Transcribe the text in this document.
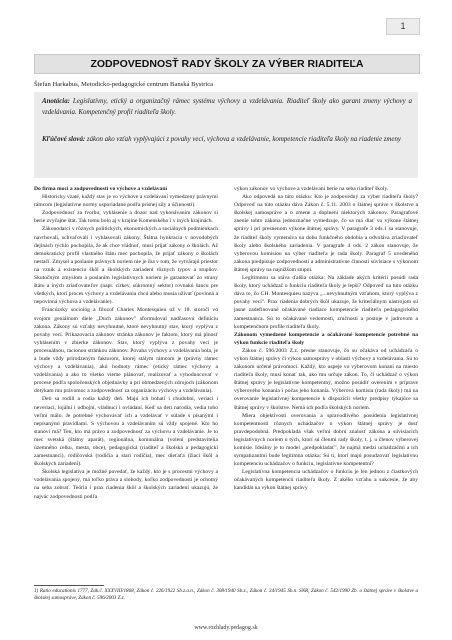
1
ZODPOVEDNOSŤ RADY ŠKOLY ZA VÝBER RIADITEĽA
Štefan Harkabus, Metodicko-pedagogické centrum Banská Bystrica
Anotácia: Legislatívny, etický a organizačný rámec systému výchovy a vzdelávania. Riaditeľ školy ako garant zmeny výchovy a vzdelávania. Kompetenčný profil riaditeľa školy.
Kľúčové slová: zákon ako vzťah vyplývajúci z povahy vecí, výchova a vzdelávanie, kompetencie riaditeľa školy na riadenie zmeny
Do firma moci a zodpovednosti vo výchove a vzdelávaní

Historicky vzaté, každý stav je vo výchove a vzdelávaní vymedzený právnymi rámcom (legislatívne normy usporiadané podľa prísnej sily a účinnosti).

Zodpovednosť za tvorbu, vyhlásenie a dozor nad vykonávaním zákonov si berie zvyčajne štát. Tak tomu bolo aj v krajine Komenského i v iných krajinách.

Zákonodarci v rôznych politických, ekonomických a sociálnych podmienkach navrhovali, schvaľovali i vyhlasovali zákony. Štátna hynkracia v novodobých dejinách rýchlo pochopila, že ak chce vládnuť, musí prijať zákony o školách. Až demokratický profil vlastného štátu mec pochopila, že prijať zákony o školách nestačí. Zmysel a poslanie právnych noriem nie je iba v tom, že vytvárajú priestor na vznik a existenciu škôl a školských zariadení rôznych typov a stupňov. Skutočným zmyslom a poslaním legislatívnych noriem je garantovať zo strany štátu a iných zriaďovateľov (napr. cirkev, súkromný sektor) rovnakú šancu pre všetkých, ktorí proces výchovy a vzdelávania chcú alebo musia užívať (povinná a nepovinná výchova a vzdelávanie).

Francúzsky sociológ a filozof Charles Montesquieu už v 18. storočí vo svojom geniálnom diele „Duch zákonov" sformuloval nadčasovú definíciu zákona. Zákony sú vzťahy nevyhnutné, ktoré nevyhnutný stav, ktorý vyplýva z povahy vecí. Prikazovacia zákonov stránka zákonov je faktom, ktorý má plnosť vyhlásením v zbierke zákonov. Stav, ktorý vyplýva z povahy veci je procesuálnou, racionou stránkou zákonov. Povaha výchovy a vzdelávania bola, je a bude vždy prirodzeným faktorom, ktorej stálym rámcom je (právny rámec výchovy a vzdelávania), akú hodnoty rámec (etický rámec výchovy a vzdelávania) a ako to všetko vieme plánovať, realizovať a vyhodnocovať v procese podľa spoločenských objednávky a pri obmedzených zdrojoch (zákonom dotýkam mu právomoc a zodpovednosť za organizáciu výchovy a vzdelávania).

Deti sa rodili a rodia každý deň. Majú ich bohatí i chudobní, veriaci i neveriaci, lojální i odbojní, vládnuci i ovládaní. Keď sa deti narodia, vedia toho veľmi málo. Je potrebné vychovávať ich a vzdelávať v súlade s písanými i nepísanými pravidlami. S výchovou a vzdelávaním sú vždy spojené. Kto ho stanoví má? Ten, kto má právo a zodpovednosť za výchovu a vzdelávanie. Je to mec svetská (štátny aparát), regionálna, komunálna (volení predstavitelia územného celku, mesta, obce), pedagogická (riaditeľ a školská a pedagogickí zamestnanci), rodičovská (rodičia a stari rodičia), mec dieťaťa (žiaci škôl a školských zariadení).

Školská legislatíva je možné povedať, že každý, kto je s procesmi výchovy a vzdelávania spojený, má toľko práva a slobody, koľko zodpovednosti je ochotný na seba zobrať. Teória i prax riadenia škôl a školských zariadení ukazujú, že najvác zodpovednosti podľa

výkon zákonov vo výchove a vzdelávaní berie na seba riaditeľ školy.

Ako odpovedá na túto otázku: Kto je zodpovedný za výber riaditeľa školy? Odpoveď na túto otázku dáva Zákon č. 5.11. 2003 o štátnej správe v školstve a školskej samospráve a o zmene a doplnení niektorých zákonov. Paragrafové znenie tohto zákona jednoznačne vymedzuje, čo sa má diať vo výkone štátnej správy i pri presnenom výkone štátnej správy. V paragrafe 3 ods.1 sa stanovuje, že riaditeľ školy vymenúva na dobu funkčného obdobia a odvoláva zriaďovateľ školy alebo školského zariadenia. V paragrafe 4 ods. 2 zákon stanovuje, že vyberovou komisiou na výber riaditeľa je rada školy. Paragraf 5 uvedeného zákona predpisuje zodpovednosti a administratívne činnosti súvisiace s výkonom štátnej správy na najnižšom stupni.

Legitímnou sa stáva ďalšia otázka: Na základe akých kritérií posúdi rada školy, ktorý uchádzač o funkciu riaditeľa školy je lepší? Odpoveď na túto otázku dáva to, čo CH. Montesquieu nazýva „...nevyhnutným vzťahom, ktorý vyplýva z povahy vecí". Prax riadenia dobrých škôl ukazuje, že kriteriálnym nástrojom sú jasne zadefinované očakávané riadiace kompetencie riaditeľa pedagogického zamestnanca. Sú to očakávané vedomosti, zručnosti a postoje v jadrovom a kompetenčnom profile riaditeľa školy.

Zákonom vymedzené kompetencie a očakávané kompetencie potrebné na výkon funkcie riaditeľa školy

Zákon č. 596/2003 Z.z. presne stanovuje, čo su očakáva od uchádzača o výkon štátnej správy či výkon samosprávy v oblasti výchovy a vzdelávania. Sú to zákonom určené právomoci. Každý, kto uspeje vo výberovom konaní na miesto riaditeľa školy, musí konať tak, ako mu určuje zákon. To, či uchádzač o výkon štátnej správy je legislatívne kompetentný, možno posúdiť overením v príprave výberového konania i počas jeho konania. Výberová komisia (rada školy) má na overovanie legislatívnej kompetencie k dispozícii všetky predpisy týkajúce sa štátnej správy v školstve. Nemá ich podľa školských noriem.

Miera objektívosti overovania a spravodlivého posúdenia legislatívnej kompetentnosti rôznych uchádzačov o výkon štátnej správy je dosť pravdepodobná. Predpokladá však veľmi dobrú znalosť zákona a súvisiacich legislatívnych noriem u tých, ktorí sú členmi rady školy, t. j. u členov výberovej komisie. Ideálny je to model „predpokladať", že najmä medzi uchádzačmi a ich sympatizantmi bude legitímna otázka: Sú tí, ktorí majú posudzovať legislatívnu kompetenciu uchádzačov o funkciu, legislatívne kompetentní?

Legislatívna kompetencia uchádzačov o funkciu je len jednou z čiastkových očakávaných kompetencií riaditeľa školy. Z akého vzťahu a sukcesie, že aby kandidát na výkon štátnej správy

1) Ratio educationis 1777, Zák.č. XXXVIII/1868, Zákon č. 226/1922 Sb.z.a.n., Zákon č. 308/1940 Sb.z., Zákon č. 34/1945 Sb.n. SNR, Zákon č. 542/1990 Zb. o štátnej správe v školstve a školskej samospráve, Zákon č. 596/2003 Z.z.
www.rozhlady.pedagog.sk
